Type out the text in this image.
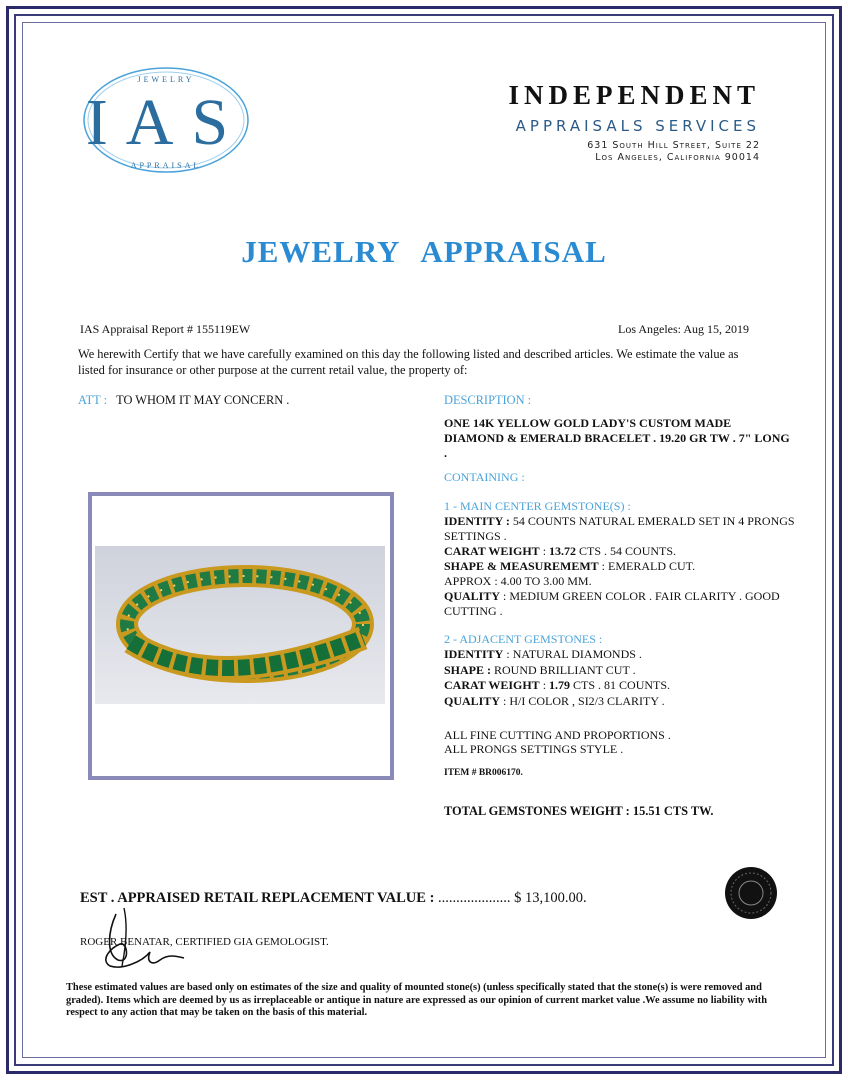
IAS
JEWELRY
APPRAISAL
INDEPENDENT
APPRAISALS SERVICES
631 South Hill Street, Suite 22
Los Angeles, California 90014
JEWELRY APPRAISAL
IAS Appraisal Report # 155119EW	Los Angeles: Aug 15, 2019
We herewith Certify that we have carefully examined on this day the following listed and described articles. We estimate the value as listed for insurance or other purpose at the current retail value, the property of:
ATT : TO WHOM IT MAY CONCERN .	DESCRIPTION :
ONE 14K YELLOW GOLD LADY'S CUSTOM MADE DIAMOND & EMERALD BRACELET . 19.20 GR TW . 7" LONG .
CONTAINING :
1 - MAIN CENTER GEMSTONE(S) :
IDENTITY : 54 COUNTS NATURAL EMERALD SET IN 4 PRONGS SETTINGS .
CARAT WEIGHT : 13.72 CTS . 54 COUNTS.
SHAPE & MEASUREMEMT : EMERALD CUT.
APPROX : 4.00 TO 3.00 MM.
QUALITY : MEDIUM GREEN COLOR . FAIR CLARITY . GOOD CUTTING .
2 - ADJACENT GEMSTONES :
IDENTITY : NATURAL DIAMONDS .
SHAPE : ROUND BRILLIANT CUT .
CARAT WEIGHT : 1.79 CTS . 81 COUNTS.
QUALITY : H/I COLOR , SI2/3 CLARITY .
ALL FINE CUTTING AND PROPORTIONS .
ALL PRONGS SETTINGS STYLE .
ITEM # BR006170.
TOTAL GEMSTONES WEIGHT : 15.51 CTS TW.
EST . APPRAISED RETAIL REPLACEMENT VALUE : .................... $ 13,100.00.
ROGER BENATAR, CERTIFIED GIA GEMOLOGIST.
These estimated values are based only on estimates of the size and quality of mounted stone(s) (unless specifically stated that the stone(s) is were removed and graded). Items which are deemed by us as irreplaceable or antique in nature are expressed as our opinion of current market value .We assume no liability with respect to any action that may be taken on the basis of this material.
